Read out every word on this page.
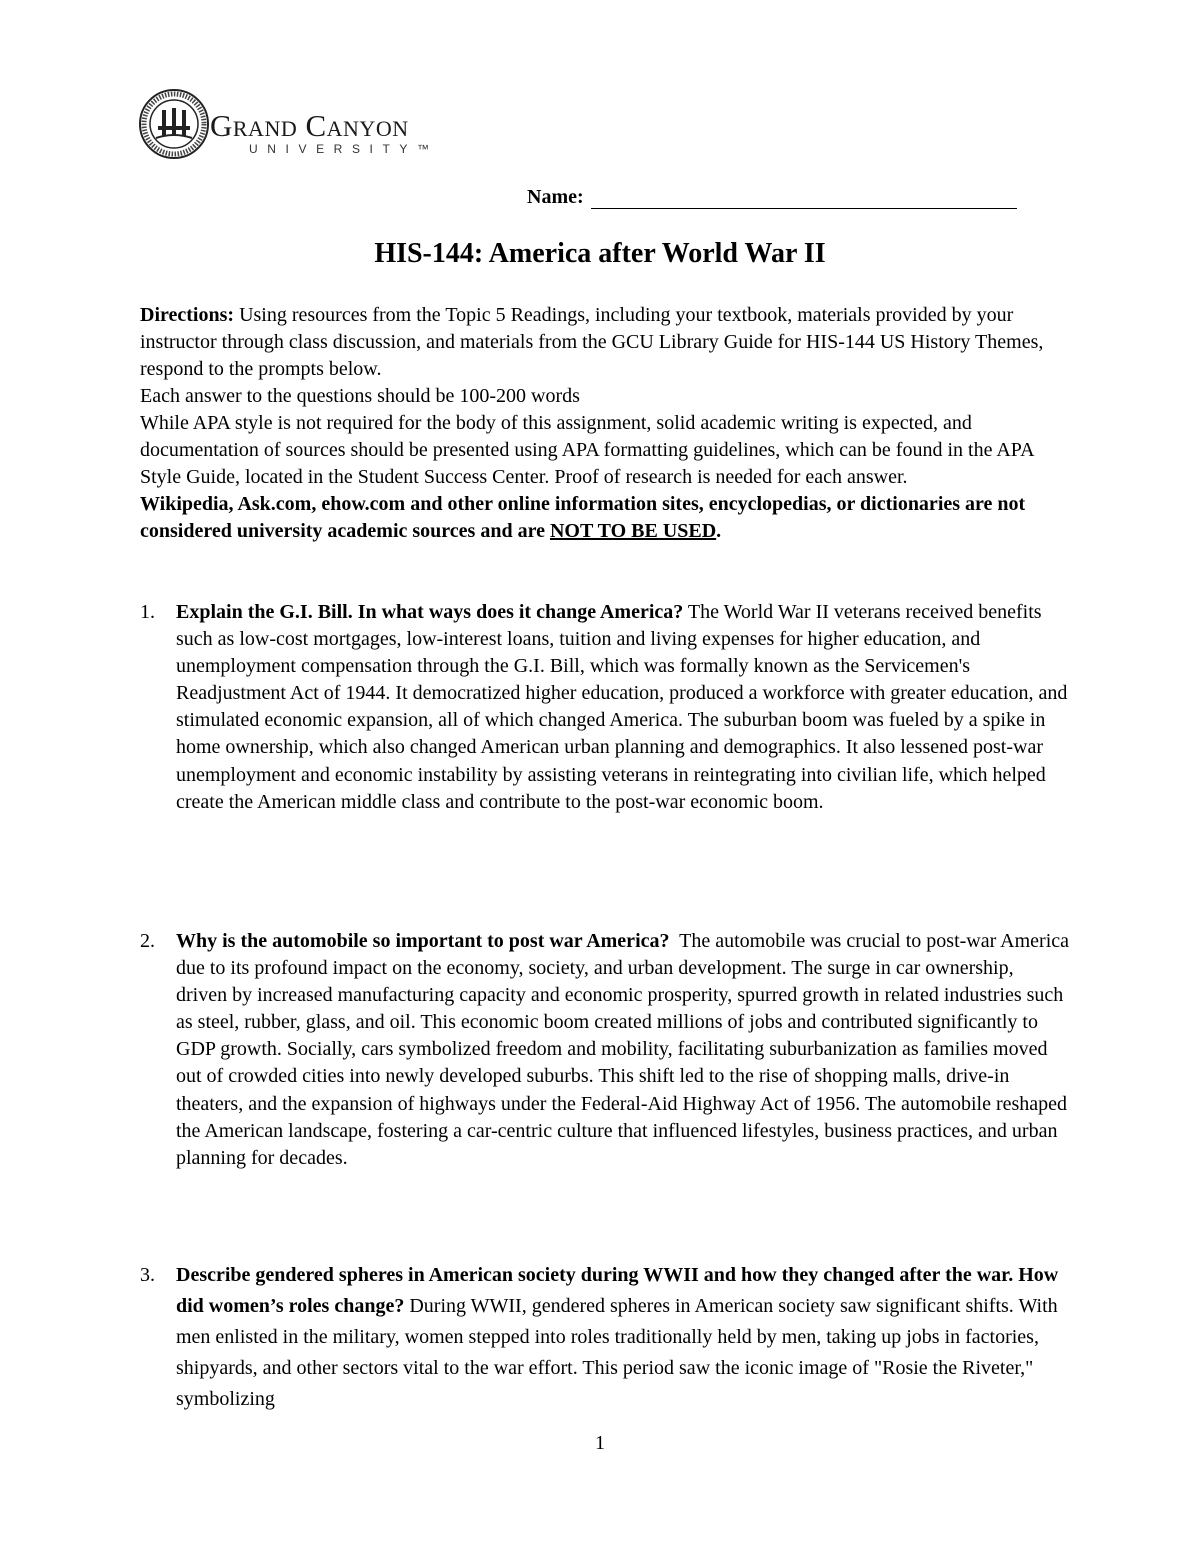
Grand Canyon
UNIVERSITY™
Name:
HIS-144: America after World War II

Directions: Using resources from the Topic 5 Readings, including your textbook, materials provided by your instructor through class discussion, and materials from the GCU Library Guide for HIS-144 US History Themes, respond to the prompts below.

Each answer to the questions should be 100-200 words

While APA style is not required for the body of this assignment, solid academic writing is expected, and documentation of sources should be presented using APA formatting guidelines, which can be found in the APA Style Guide, located in the Student Success Center. Proof of research is needed for each answer.

Wikipedia, Ask.com, ehow.com and other online information sites, encyclopedias, or dictionaries are not considered university academic sources and are NOT TO BE USED.

1. Explain the G.I. Bill. In what ways does it change America? The World War II veterans received benefits such as low-cost mortgages, low-interest loans, tuition and living expenses for higher education, and unemployment compensation through the G.I. Bill, which was formally known as the Servicemen's Readjustment Act of 1944. It democratized higher education, produced a workforce with greater education, and stimulated economic expansion, all of which changed America. The suburban boom was fueled by a spike in home ownership, which also changed American urban planning and demographics. It also lessened post-war unemployment and economic instability by assisting veterans in reintegrating into civilian life, which helped create the American middle class and contribute to the post-war economic boom.
2. Why is the automobile so important to post war America? The automobile was crucial to post-war America due to its profound impact on the economy, society, and urban development. The surge in car ownership, driven by increased manufacturing capacity and economic prosperity, spurred growth in related industries such as steel, rubber, glass, and oil. This economic boom created millions of jobs and contributed significantly to GDP growth. Socially, cars symbolized freedom and mobility, facilitating suburbanization as families moved out of crowded cities into newly developed suburbs. This shift led to the rise of shopping malls, drive-in theaters, and the expansion of highways under the Federal-Aid Highway Act of 1956. The automobile reshaped the American landscape, fostering a car-centric culture that influenced lifestyles, business practices, and urban planning for decades.
3. Describe gendered spheres in American society during WWII and how they changed after the war. How did women’s roles change? During WWII, gendered spheres in American society saw significant shifts. With men enlisted in the military, women stepped into roles traditionally held by men, taking up jobs in factories, shipyards, and other sectors vital to the war effort. This period saw the iconic image of "Rosie the Riveter," symbolizing
1
